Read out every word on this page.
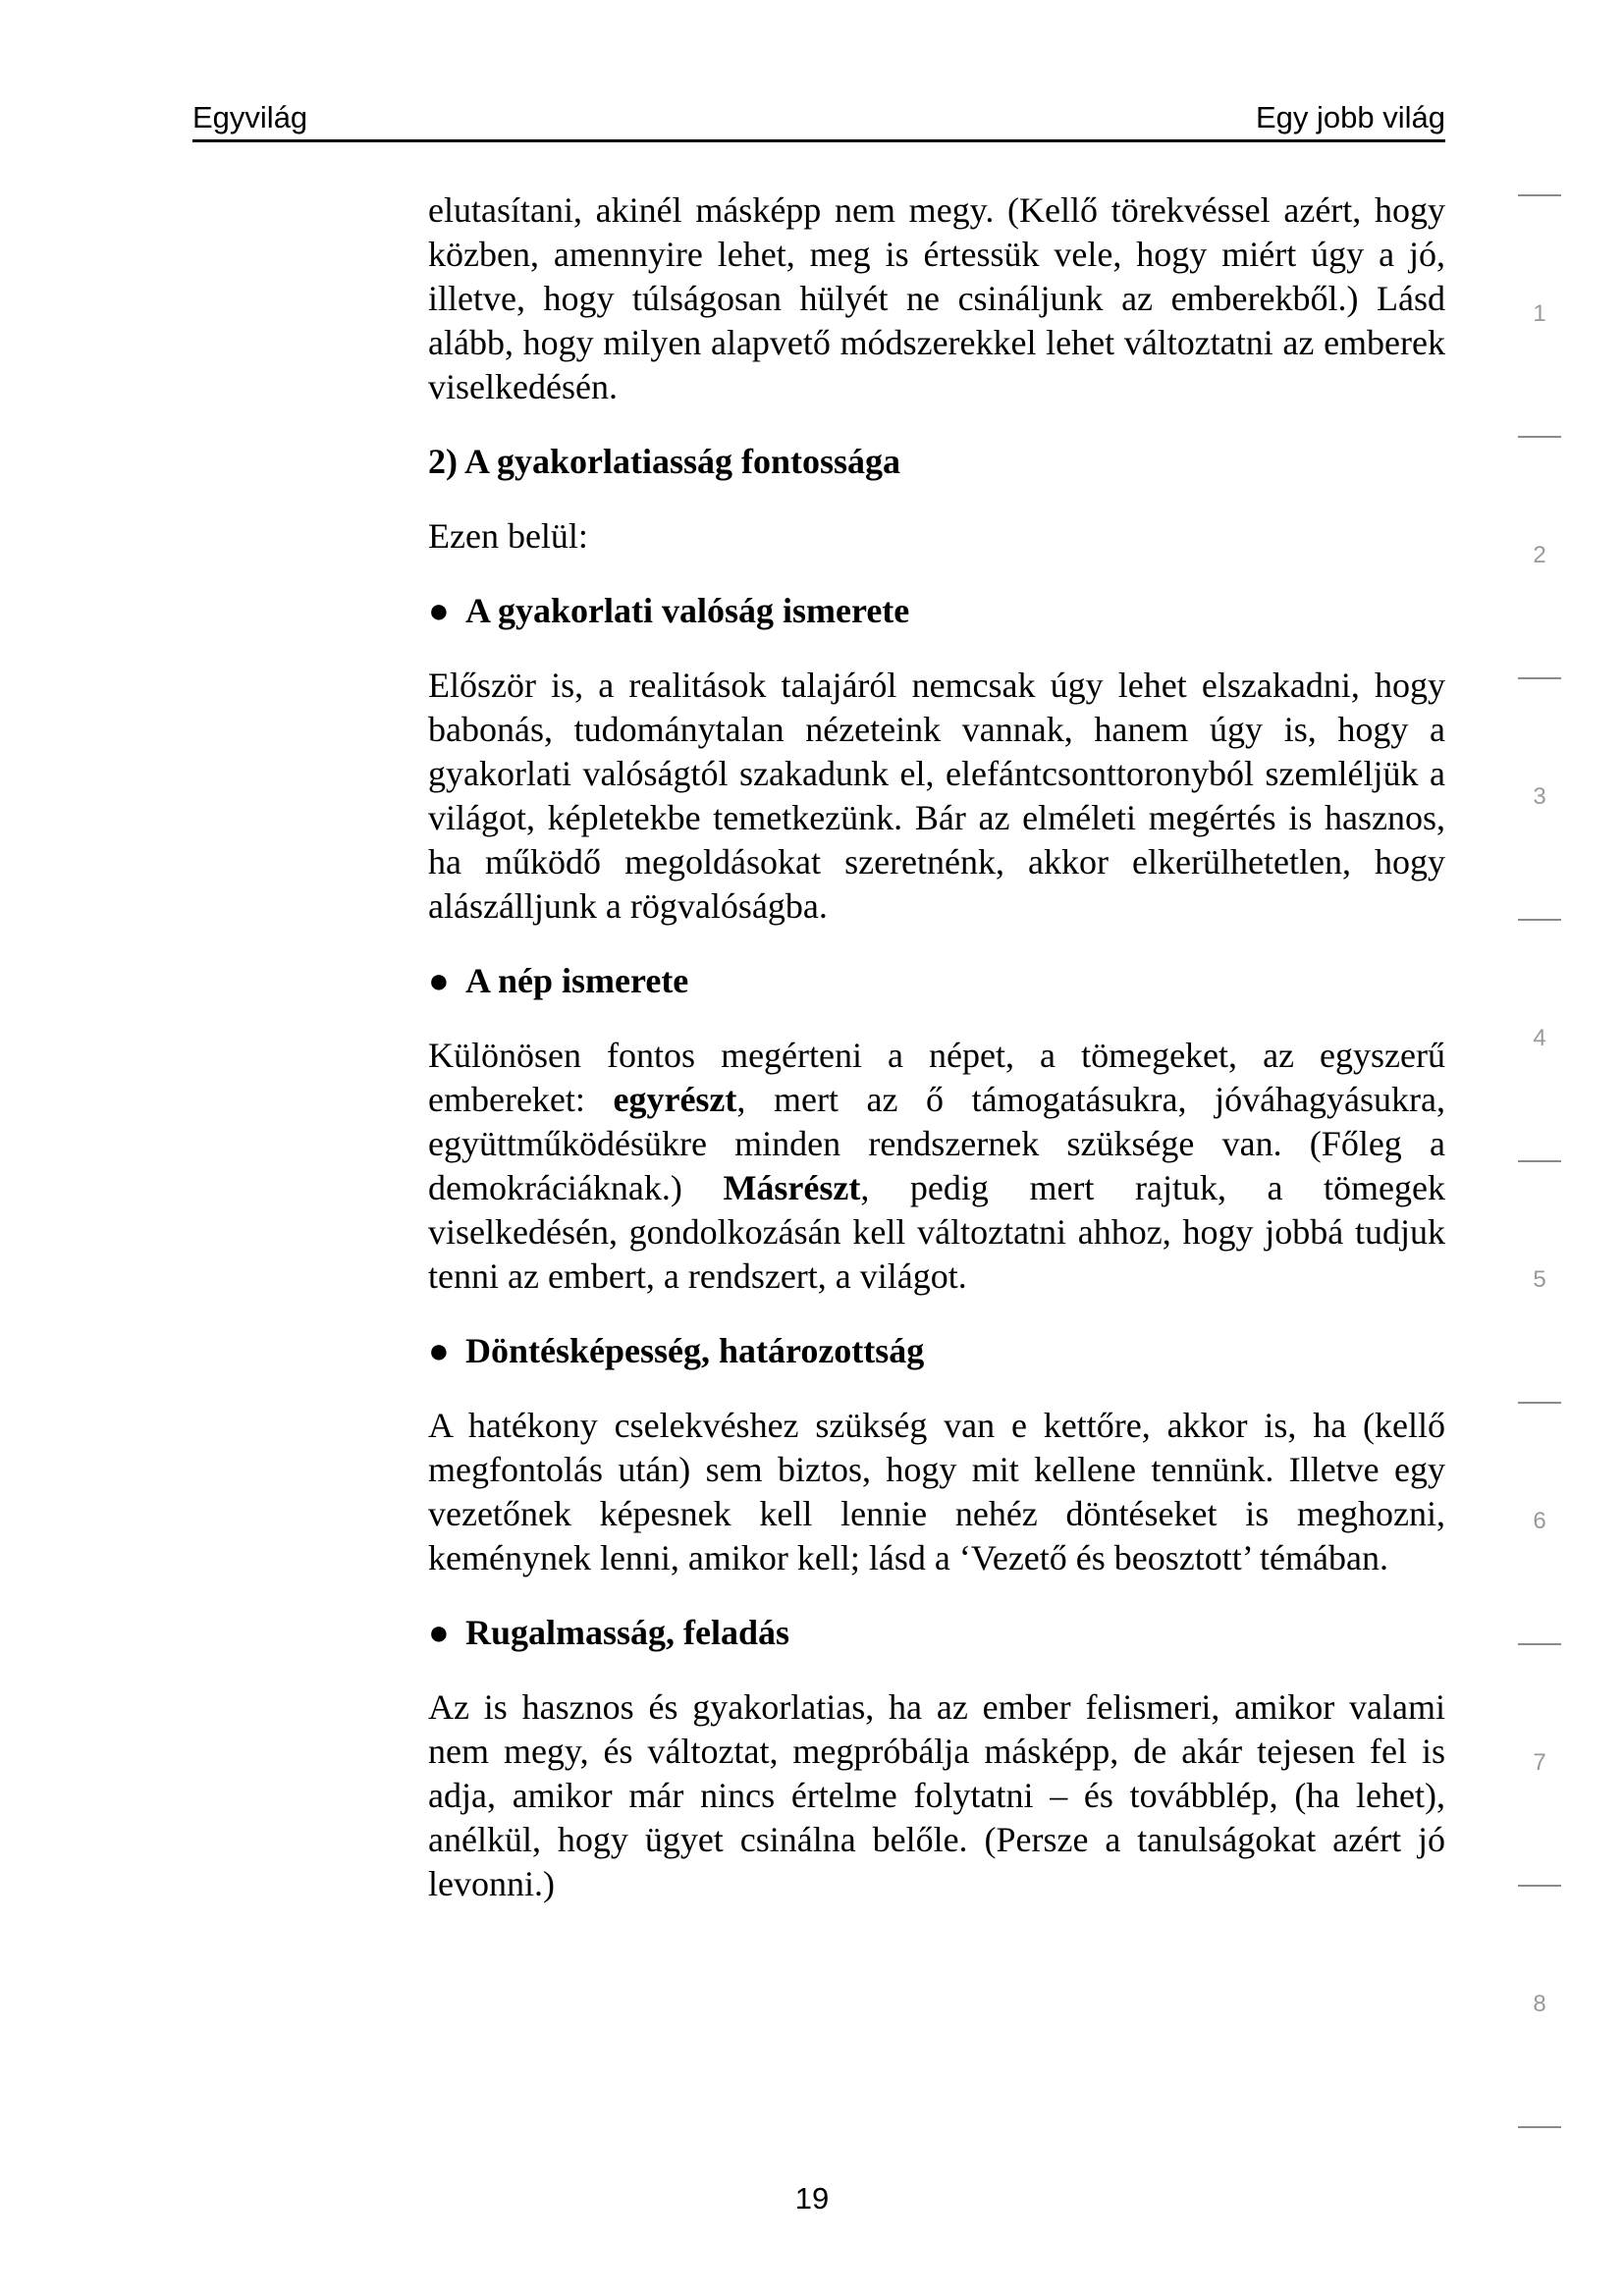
Egyvilág	Egy jobb világ

elutasítani, akinél másképp nem megy. (Kellő törekvéssel azért, hogy közben, amennyire lehet, meg is értessük vele, hogy miért úgy a jó, illetve, hogy túlságosan hülyét ne csináljunk az emberekből.) Lásd alább, hogy milyen alapvető módszerekkel lehet változtatni az emberek viselkedésén.

2) A gyakorlatiasság fontossága

Ezen belül:

● A gyakorlati valóság ismerete

Először is, a realitások talajáról nemcsak úgy lehet elszakadni, hogy babonás, tudománytalan nézeteink vannak, hanem úgy is, hogy a gyakorlati valóságtól szakadunk el, elefántcsonttoronyból szemléljük a világot, képletekbe temetkezünk. Bár az elméleti megértés is hasznos, ha működő megoldásokat szeretnénk, akkor elkerülhetetlen, hogy alászálljunk a rögvalóságba.

● A nép ismerete

Különösen fontos megérteni a népet, a tömegeket, az egyszerű embereket: egyrészt, mert az ő támogatásukra, jóváhagyásukra, együttműködésükre minden rendszernek szüksége van. (Főleg a demokráciáknak.) Másrészt, pedig mert rajtuk, a tömegek viselkedésén, gondolkozásán kell változtatni ahhoz, hogy jobbá tudjuk tenni az embert, a rendszert, a világot.

● Döntésképesség, határozottság

A hatékony cselekvéshez szükség van e kettőre, akkor is, ha (kellő megfontolás után) sem biztos, hogy mit kellene tennünk. Illetve egy vezetőnek képesnek kell lennie nehéz döntéseket is meghozni, keménynek lenni, amikor kell; lásd a ‘Vezető és beosztott’ témában.

● Rugalmasság, feladás

Az is hasznos és gyakorlatias, ha az ember felismeri, amikor valami nem megy, és változtat, megpróbálja másképp, de akár tejesen fel is adja, amikor már nincs értelme folytatni – és továbblép, (ha lehet), anélkül, hogy ügyet csinálna belőle. (Persze a tanulságokat azért jó levonni.)

1
2
3
4
5
6
7
8
19
